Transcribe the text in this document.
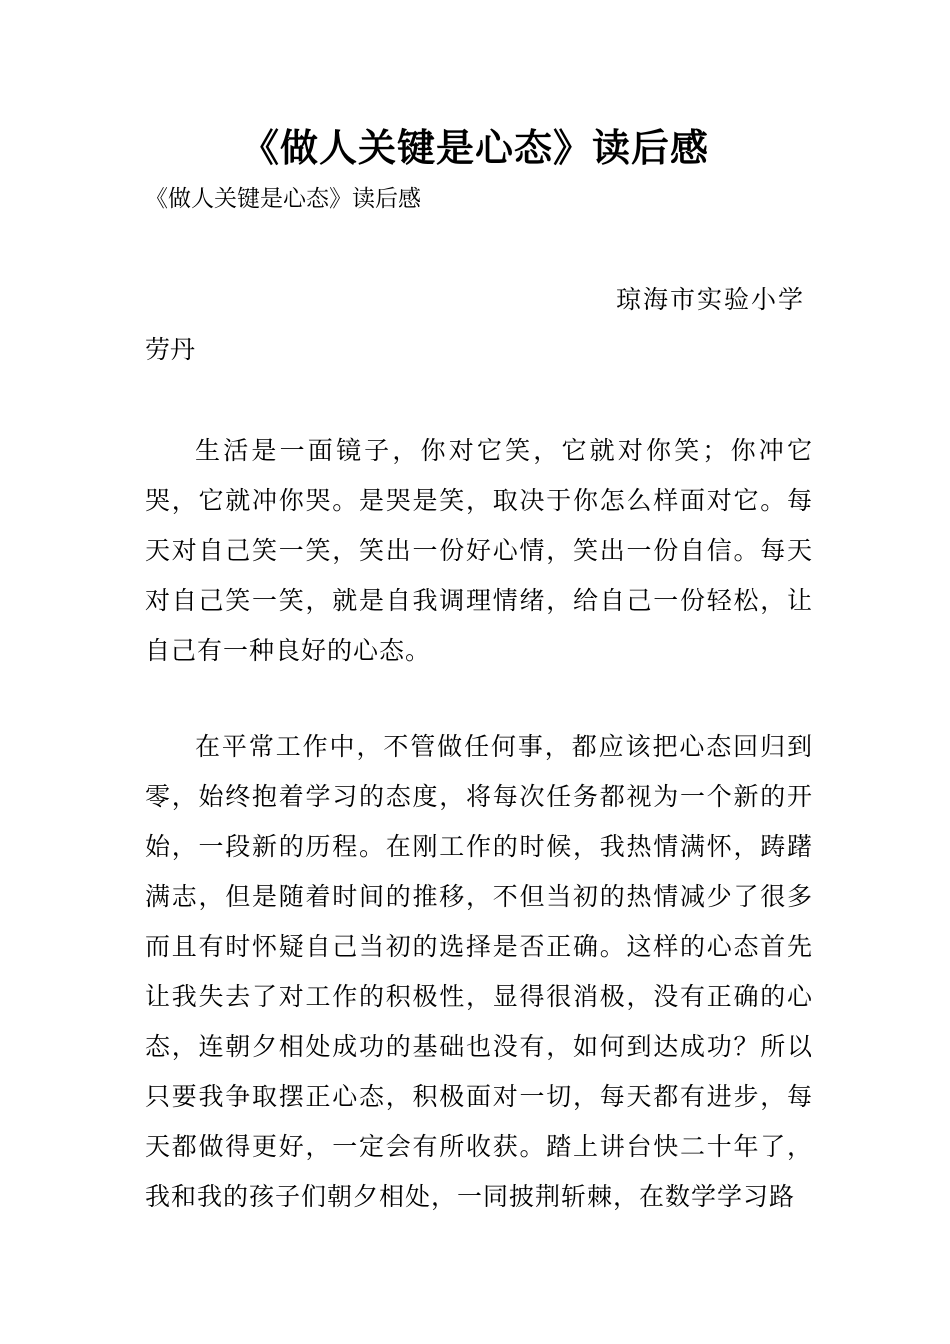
《做人关键是心态》读后感
《做人关键是心态》读后感
琼海市实验小学
劳丹

生活是一面镜子，你对它笑，它就对你笑；你冲它哭，它就冲你哭。是哭是笑，取决于你怎么样面对它。每天对自己笑一笑，笑出一份好心情，笑出一份自信。每天对自己笑一笑，就是自我调理情绪，给自己一份轻松，让自己有一种良好的心态。

在平常工作中，不管做任何事，都应该把心态回归到零，始终抱着学习的态度，将每次任务都视为一个新的开始，一段新的历程。在刚工作的时候，我热情满怀，踌躇满志，但是随着时间的推移，不但当初的热情减少了很多而且有时怀疑自己当初的选择是否正确。这样的心态首先让我失去了对工作的积极性，显得很消极，没有正确的心态，连朝夕相处成功的基础也没有，如何到达成功？所以只要我争取摆正心态，积极面对一切，每天都有进步，每天都做得更好，一定会有所收获。踏上讲台快二十年了，我和我的孩子们朝夕相处，一同披荆斩棘，在数学学习路
